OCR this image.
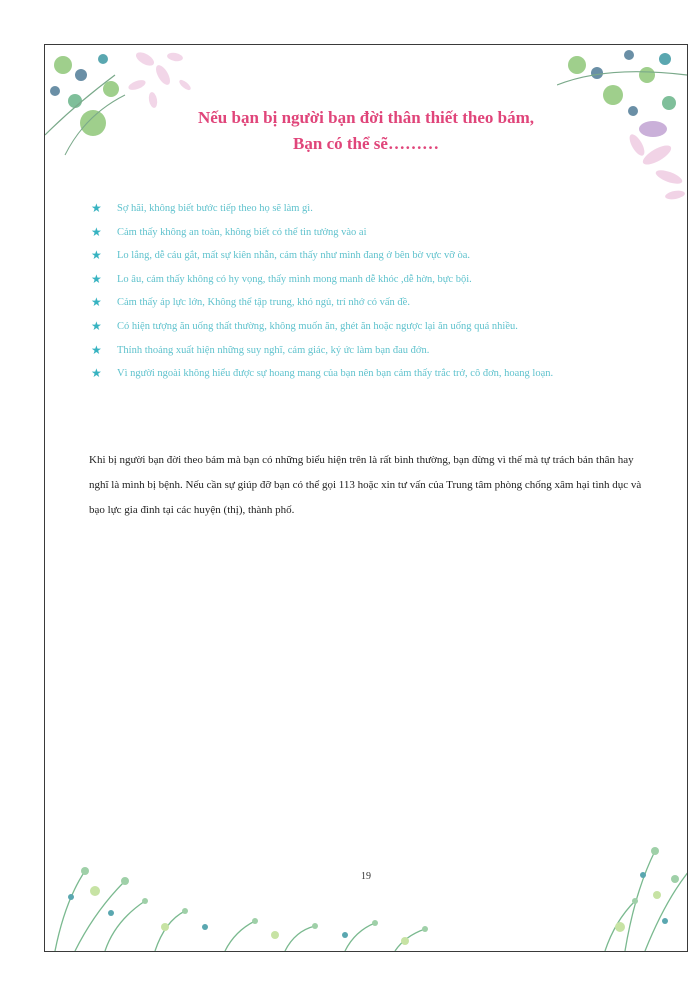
Nếu bạn bị người bạn đời thân thiết theo bám,
Bạn có thể sẽ………
★ Sợ hãi, không biết bước tiếp theo họ sẽ làm gì.
★ Cảm thấy không an toàn, không biết có thể tin tưởng vào ai
★ Lo lắng, dễ cáu gắt, mất sự kiên nhẫn, cảm thấy như mình đang ở bên bờ vực vỡ òa.
★ Lo âu, cảm thấy không có hy vọng, thấy mình mong manh dễ khóc ,dễ hờn, bực bội.
★ Cảm thấy áp lực lớn, Không thể tập trung, khó ngủ, trí nhớ có vấn đề.
★ Có hiện tượng ăn uống thất thường, không muốn ăn, ghét ăn hoặc ngược lại ăn uống quá nhiều.
★ Thỉnh thoảng xuất hiện những suy nghĩ, cảm giác, ký ức làm bạn đau đớn.
★ Vì người ngoài không hiểu được sự hoang mang của bạn nên bạn cảm thấy trắc trở, cô đơn, hoang loạn.

Khi bị người bạn đời theo bám mà bạn có những biểu hiện trên là rất bình thường, bạn đừng vì thế mà tự trách bản thân hay nghĩ là mình bị bệnh. Nếu cần sự giúp đỡ bạn có thể gọi 113 hoặc xin tư vấn của Trung tâm phòng chống xâm hại tình dục và bạo lực gia đình tại các huyện (thị), thành phố.

19
